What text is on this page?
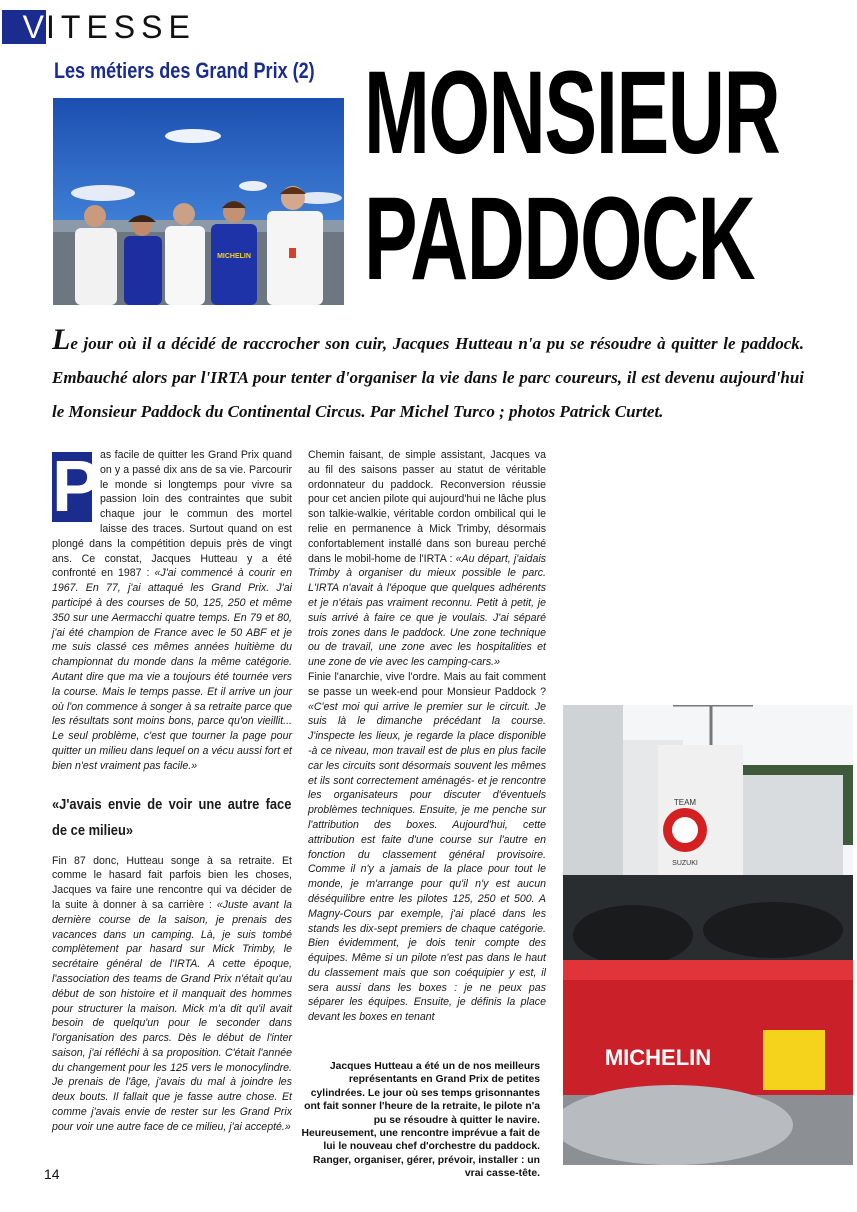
V ITESSE
Les métiers des Grand Prix (2)
MICHELIN
MONSIEUR
PADDOCK
Le jour où il a décidé de raccrocher son cuir, Jacques Hutteau n'a pu se résoudre à quitter le paddock. Embauché alors par l'IRTA pour tenter d'organiser la vie dans le parc coureurs, il est devenu aujourd'hui le Monsieur Paddock du Continental Circus. Par Michel Turco ; photos Patrick Curtet.
P as facile de quitter les Grand Prix quand on y a passé dix ans de sa vie. Parcourir le monde si longtemps pour vivre sa passion loin des contraintes que subit chaque jour le commun des mortel laisse des traces. Surtout quand on est plongé dans la compétition depuis près de vingt ans. Ce constat, Jacques Hutteau y a été confronté en 1987 : «J'ai commencé à courir en 1967. En 77, j'ai attaqué les Grand Prix. J'ai participé à des courses de 50, 125, 250 et même 350 sur une Aermacchi quatre temps. En 79 et 80, j'ai été champion de France avec le 50 ABF et je me suis classé ces mêmes années huitième du championnat du monde dans la même catégorie. Autant dire que ma vie a toujours été tournée vers la course. Mais le temps passe. Et il arrive un jour où l'on commence à songer à sa retraite parce que les résultats sont moins bons, parce qu'on vieillit... Le seul problème, c'est que tourner la page pour quitter un milieu dans lequel on a vécu aussi fort et bien n'est vraiment pas facile.»

«J'avais envie de voir une autre face de ce milieu»

Fin 87 donc, Hutteau songe à sa retraite. Et comme le hasard fait parfois bien les choses, Jacques va faire une rencontre qui va décider de la suite à donner à sa carrière : «Juste avant la dernière course de la saison, je prenais des vacances dans un camping. Là, je suis tombé complètement par hasard sur Mick Trimby, le secrétaire général de l'IRTA. A cette époque, l'association des teams de Grand Prix n'était qu'au début de son histoire et il manquait des hommes pour structurer la maison. Mick m'a dit qu'il avait besoin de quelqu'un pour le seconder dans l'organisation des parcs. Dès le début de l'inter saison, j'ai réfléchi à sa proposition. C'était l'année du changement pour les 125 vers le monocylindre. Je prenais de l'âge, j'avais du mal à joindre les deux bouts. Il fallait que je fasse autre chose. Et comme j'avais envie de rester sur les Grand Prix pour voir une autre face de ce milieu, j'ai accepté.»

Chemin faisant, de simple assistant, Jacques va au fil des saisons passer au statut de véritable ordonnateur du paddock. Reconversion réussie pour cet ancien pilote qui aujourd'hui ne lâche plus son talkie-walkie, véritable cordon ombilical qui le relie en permanence à Mick Trimby, désormais confortablement installé dans son bureau perché dans le mobil-home de l'IRTA : «Au départ, j'aidais Trimby à organiser du mieux possible le parc. L'IRTA n'avait à l'époque que quelques adhérents et je n'étais pas vraiment reconnu. Petit à petit, je suis arrivé à faire ce que je voulais. J'ai séparé trois zones dans le paddock. Une zone technique ou de travail, une zone avec les hospitalities et une zone de vie avec les camping-cars.»

Finie l'anarchie, vive l'ordre. Mais au fait comment se passe un week-end pour Monsieur Paddock ? «C'est moi qui arrive le premier sur le circuit. Je suis là le dimanche précédant la course. J'inspecte les lieux, je regarde la place disponible -à ce niveau, mon travail est de plus en plus facile car les circuits sont désormais souvent les mêmes et ils sont correctement aménagés- et je rencontre les organisateurs pour discuter d'éventuels problèmes techniques. Ensuite, je me penche sur l'attribution des boxes. Aujourd'hui, cette attribution est faite d'une course sur l'autre en fonction du classement général provisoire. Comme il n'y a jamais de la place pour tout le monde, je m'arrange pour qu'il n'y est aucun déséquilibre entre les pilotes 125, 250 et 500. A Magny-Cours par exemple, j'ai placé dans les stands les dix-sept premiers de chaque catégorie. Bien évidemment, je dois tenir compte des équipes. Même si un pilote n'est pas dans le haut du classement mais que son coéquipier y est, il sera aussi dans les boxes : je ne peux pas séparer les équipes. Ensuite, je définis la place devant les boxes en tenant

TEAM
SUZUKI
MICHELIN
Jacques Hutteau a été un de nos meilleurs représentants en Grand Prix de petites cylindrées. Le jour où ses temps grisonnantes ont fait sonner l'heure de la retraite, le pilote n'a pu se résoudre à quitter le navire. Heureusement, une rencontre imprévue a fait de lui le nouveau chef d'orchestre du paddock. Ranger, organiser, gérer, prévoir, installer : un vrai casse-tête.
14
